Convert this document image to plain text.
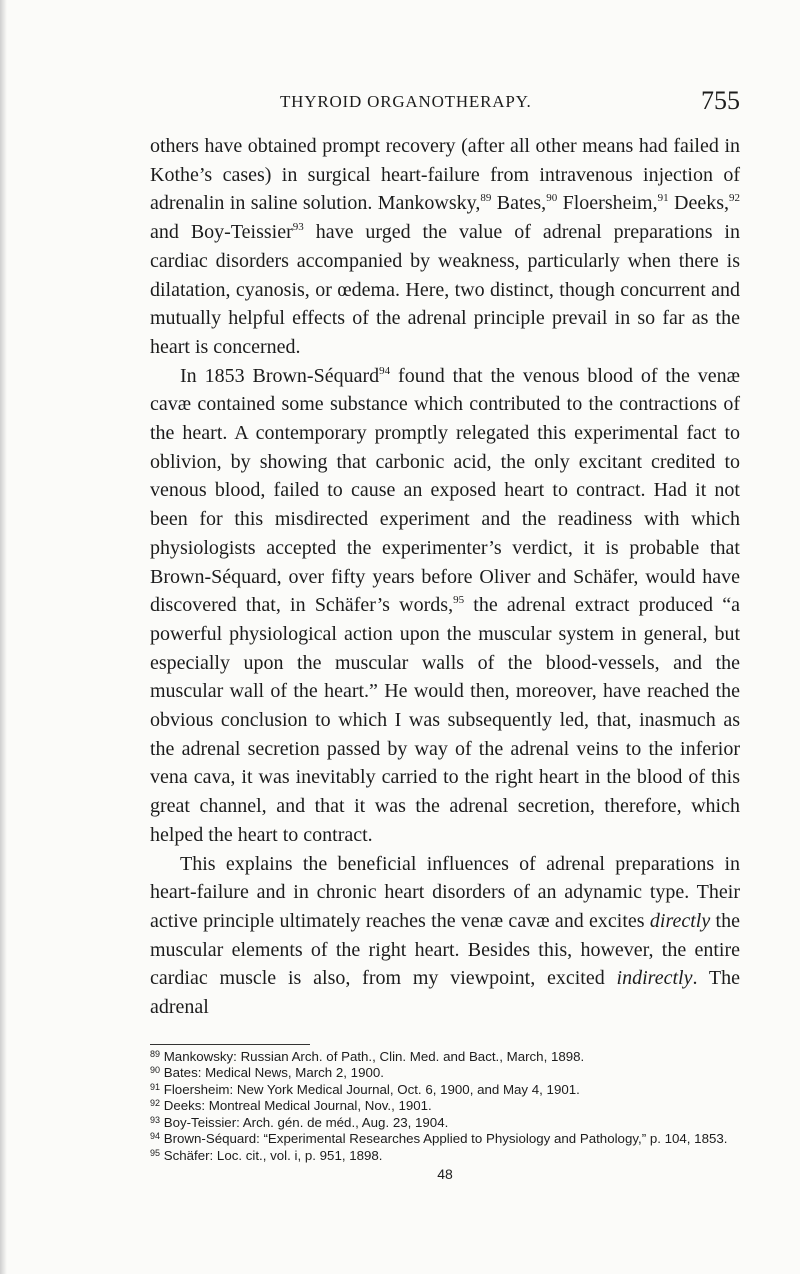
THYROID ORGANOTHERAPY.	755

others have obtained prompt recovery (after all other means had failed in Kothe’s cases) in surgical heart-failure from intravenous injection of adrenalin in saline solution. Mankowsky,$^{89}$ Bates,$^{90}$ Floersheim,$^{91}$ Deeks,$^{92}$ and Boy-Teissier$^{93}$ have urged the value of adrenal preparations in cardiac disorders accompanied by weakness, particularly when there is dilatation, cyanosis, or œdema. Here, two distinct, though concurrent and mutually helpful effects of the adrenal principle prevail in so far as the heart is concerned.

In 1853 Brown-Séquard$^{94}$ found that the venous blood of the venæ cavæ contained some substance which contributed to the contractions of the heart. A contemporary promptly relegated this experimental fact to oblivion, by showing that carbonic acid, the only excitant credited to venous blood, failed to cause an exposed heart to contract. Had it not been for this misdirected experiment and the readiness with which physiologists accepted the experimenter’s verdict, it is probable that Brown-Séquard, over fifty years before Oliver and Schäfer, would have discovered that, in Schäfer’s words,$^{95}$ the adrenal extract produced “a powerful physiological action upon the muscular system in general, but especially upon the muscular walls of the blood-vessels, and the muscular wall of the heart.” He would then, moreover, have reached the obvious conclusion to which I was subsequently led, that, inasmuch as the adrenal secretion passed by way of the adrenal veins to the inferior vena cava, it was inevitably carried to the right heart in the blood of this great channel, and that it was the adrenal secretion, therefore, which helped the heart to contract.

This explains the beneficial influences of adrenal preparations in heart-failure and in chronic heart disorders of an adynamic type. Their active principle ultimately reaches the venæ cavæ and excites directly the muscular elements of the right heart. Besides this, however, the entire cardiac muscle is also, from my viewpoint, excited indirectly. The adrenal

$^{89}$ Mankowsky: Russian Arch. of Path., Clin. Med. and Bact., March, 1898.

$^{90}$ Bates: Medical News, March 2, 1900.

$^{91}$ Floersheim: New York Medical Journal, Oct. 6, 1900, and May 4, 1901.

$^{92}$ Deeks: Montreal Medical Journal, Nov., 1901.

$^{93}$ Boy-Teissier: Arch. gén. de méd., Aug. 23, 1904.

$^{94}$ Brown-Séquard: “Experimental Researches Applied to Physiology and Pathology,” p. 104, 1853.

$^{95}$ Schäfer: Loc. cit., vol. i, p. 951, 1898.

48
